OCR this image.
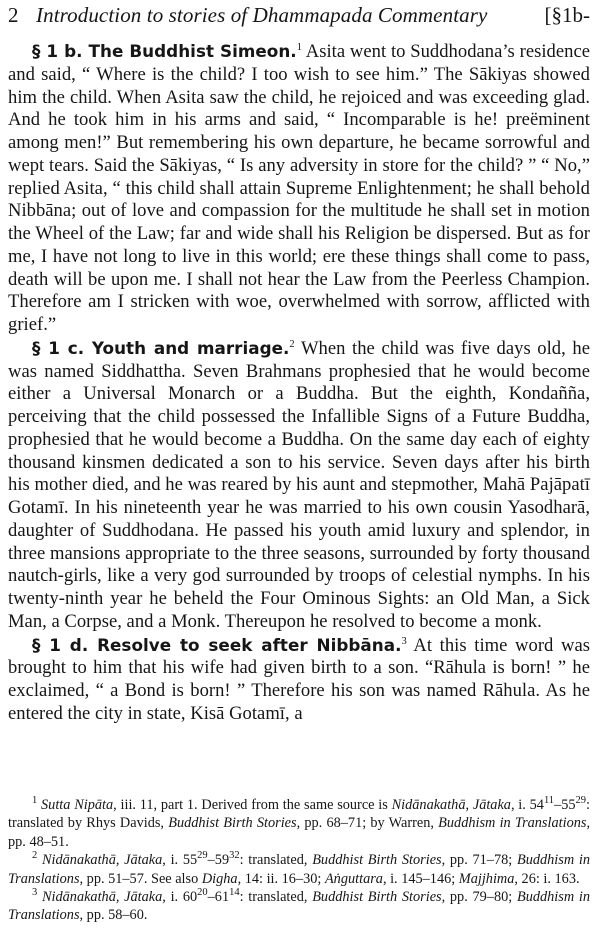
2 Introduction to stories of Dhammapada Commentary	[§1b-

§ 1 b. The Buddhist Simeon.$^1$ Asita went to Suddhodana’s residence and said, “ Where is the child? I too wish to see him.” The Sākiyas showed him the child. When Asita saw the child, he rejoiced and was exceeding glad. And he took him in his arms and said, “ Incomparable is he! preëminent among men!” But remembering his own departure, he became sorrowful and wept tears. Said the Sākiyas, “ Is any adversity in store for the child? ” “ No,” replied Asita, “ this child shall attain Supreme Enlightenment; he shall behold Nibbāna; out of love and compassion for the multitude he shall set in motion the Wheel of the Law; far and wide shall his Religion be dispersed. But as for me, I have not long to live in this world; ere these things shall come to pass, death will be upon me. I shall not hear the Law from the Peerless Champion. Therefore am I stricken with woe, overwhelmed with sorrow, afflicted with grief.”

§ 1 c. Youth and marriage.$^2$ When the child was five days old, he was named Siddhattha. Seven Brahmans prophesied that he would become either a Universal Monarch or a Buddha. But the eighth, Kondañña, perceiving that the child possessed the Infallible Signs of a Future Buddha, prophesied that he would become a Buddha. On the same day each of eighty thousand kinsmen dedicated a son to his service. Seven days after his birth his mother died, and he was reared by his aunt and stepmother, Mahā Pajāpatī Gotamī. In his nineteenth year he was married to his own cousin Yasodharā, daughter of Suddhodana. He passed his youth amid luxury and splendor, in three mansions appropriate to the three seasons, surrounded by forty thousand nautch-girls, like a very god surrounded by troops of celestial nymphs. In his twenty-ninth year he beheld the Four Ominous Sights: an Old Man, a Sick Man, a Corpse, and a Monk. Thereupon he resolved to become a monk.

§ 1 d. Resolve to seek after Nibbāna.$^3$ At this time word was brought to him that his wife had given birth to a son. “Rāhula is born! ” he exclaimed, “ a Bond is born! ” Therefore his son was named Rāhula. As he entered the city in state, Kisā Gotamī, a

$^1$ Sutta Nipāta, iii. 11, part 1. Derived from the same source is Nidānakathā, Jātaka, i. $54^{11}-55^{29}$: translated by Rhys Davids, Buddhist Birth Stories, pp. 68–71; by Warren, Buddhism in Translations, pp. 48–51.

$^2$ Nidānakathā, Jātaka, i. $55^{29}-59^{32}$: translated, Buddhist Birth Stories, pp. 71–78; Buddhism in Translations, pp. 51–57. See also Digha, 14: ii. 16–30; Aṅguttara, i. 145–146; Majjhima, 26: i. 163.

$^3$ Nidānakathā, Jātaka, i. $60^{20}-61^{14}$: translated, Buddhist Birth Stories, pp. 79–80; Buddhism in Translations, pp. 58–60.
